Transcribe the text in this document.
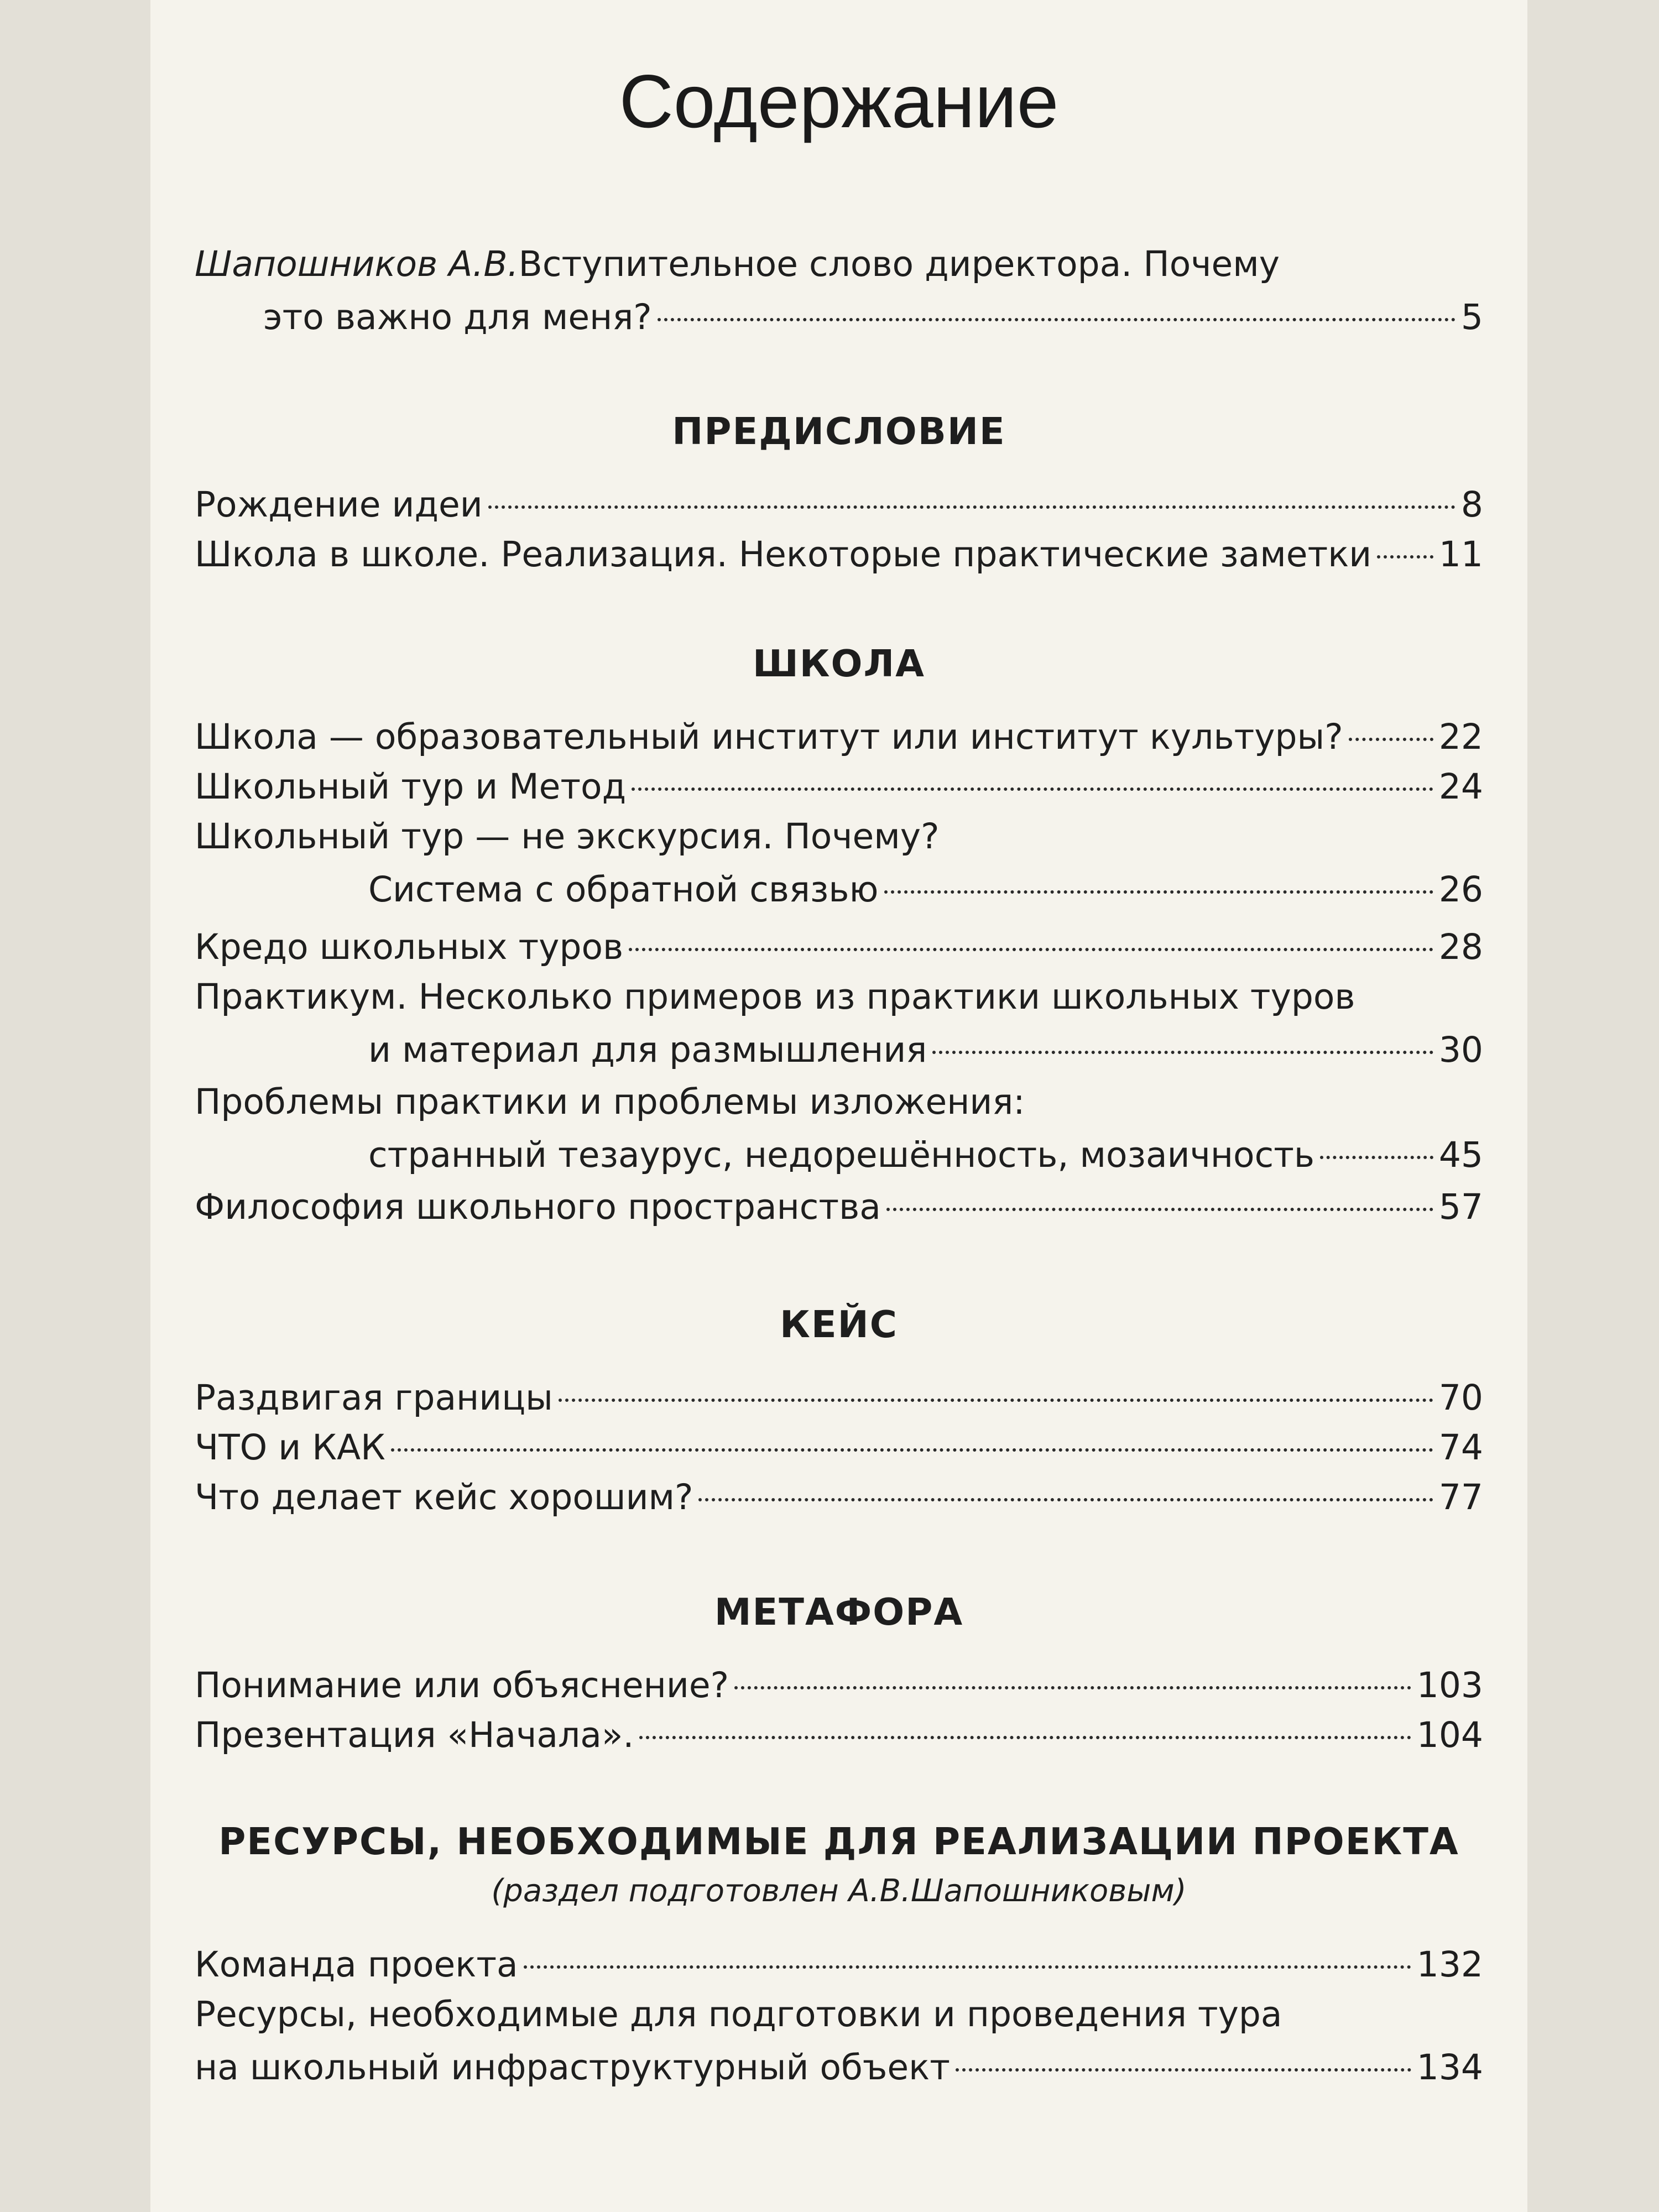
Содержание
Шапошников А.В. Вступительное слово директора. Почему
это важно для меня?	5
ПРЕДИСЛОВИЕ
Рождение идеи	8
Школа в школе. Реализация. Некоторые практические заметки 11
ШКОЛА
Школа — образовательный институт или институт культуры?	22
Школьный тур и Метод	24
Школьный тур — не экскурсия. Почему?
Система с обратной связью	26
Кредо школьных туров	28
Практикум. Несколько примеров из практики школьных туров
и материал для размышления	30
Проблемы практики и проблемы изложения:
странный тезаурус, недорешённость, мозаичность	45
Философия школьного пространства	57
КЕЙС
Раздвигая границы	70
ЧТО и КАК	74
Что делает кейс хорошим?	77
МЕТАФОРА
Понимание или объяснение?	103
Презентация «Начала».	104
РЕСУРСЫ, НЕОБХОДИМЫЕ ДЛЯ РЕАЛИЗАЦИИ ПРОЕКТА
(раздел подготовлен А.В.Шапошниковым)
Команда проекта	132
Ресурсы, необходимые для подготовки и проведения тура
на школьный инфраструктурный объект	134
